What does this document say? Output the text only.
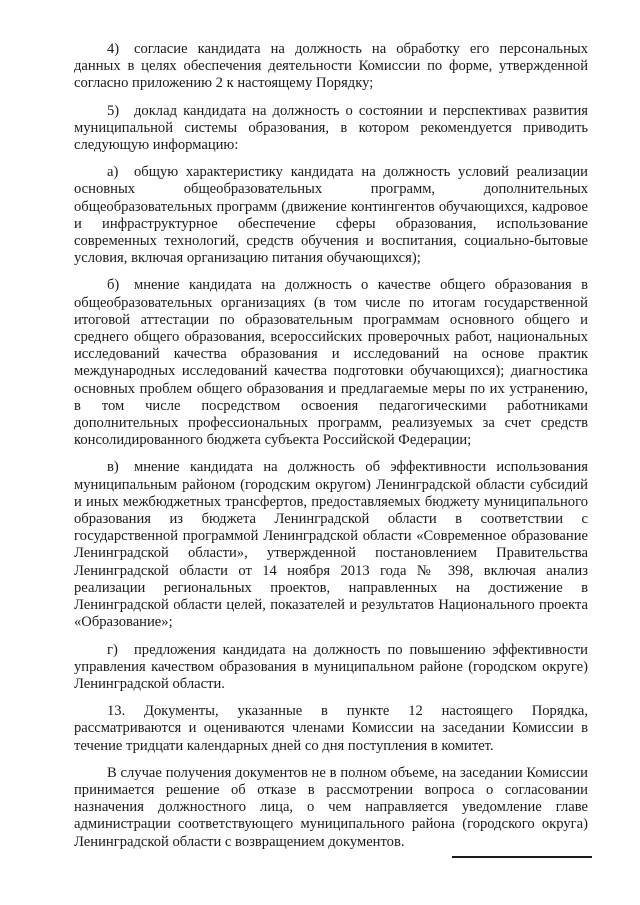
4) согласие кандидата на должность на обработку его персональных данных в целях обеспечения деятельности Комиссии по форме, утвержденной согласно приложению 2 к настоящему Порядку;

5) доклад кандидата на должность о состоянии и перспективах развития муниципальной системы образования, в котором рекомендуется приводить следующую информацию:

а) общую характеристику кандидата на должность условий реализации основных общеобразовательных программ, дополнительных общеобразовательных программ (движение контингентов обучающихся, кадровое и инфраструктурное обеспечение сферы образования, использование современных технологий, средств обучения и воспитания, социально-бытовые условия, включая организацию питания обучающихся);

б) мнение кандидата на должность о качестве общего образования в общеобразовательных организациях (в том числе по итогам государственной итоговой аттестации по образовательным программам основного общего и среднего общего образования, всероссийских проверочных работ, национальных исследований качества образования и исследований на основе практик международных исследований качества подготовки обучающихся); диагностика основных проблем общего образования и предлагаемые меры по их устранению, в том числе посредством освоения педагогическими работниками дополнительных профессиональных программ, реализуемых за счет средств консолидированного бюджета субъекта Российской Федерации;

в) мнение кандидата на должность об эффективности использования муниципальным районом (городским округом) Ленинградской области субсидий и иных межбюджетных трансфертов, предоставляемых бюджету муниципального образования из бюджета Ленинградской области в соответствии с государственной программой Ленинградской области «Современное образование Ленинградской области», утвержденной постановлением Правительства Ленинградской области от 14 ноября 2013 года № 398, включая анализ реализации региональных проектов, направленных на достижение в Ленинградской области целей, показателей и результатов Национального проекта «Образование»;

г) предложения кандидата на должность по повышению эффективности управления качеством образования в муниципальном районе (городском округе) Ленинградской области.

13. Документы, указанные в пункте 12 настоящего Порядка, рассматриваются и оцениваются членами Комиссии на заседании Комиссии в течение тридцати календарных дней со дня поступления в комитет.

В случае получения документов не в полном объеме, на заседании Комиссии принимается решение об отказе в рассмотрении вопроса о согласовании назначения должностного лица, о чем направляется уведомление главе администрации соответствующего муниципального района (городского округа) Ленинградской области с возвращением документов.
